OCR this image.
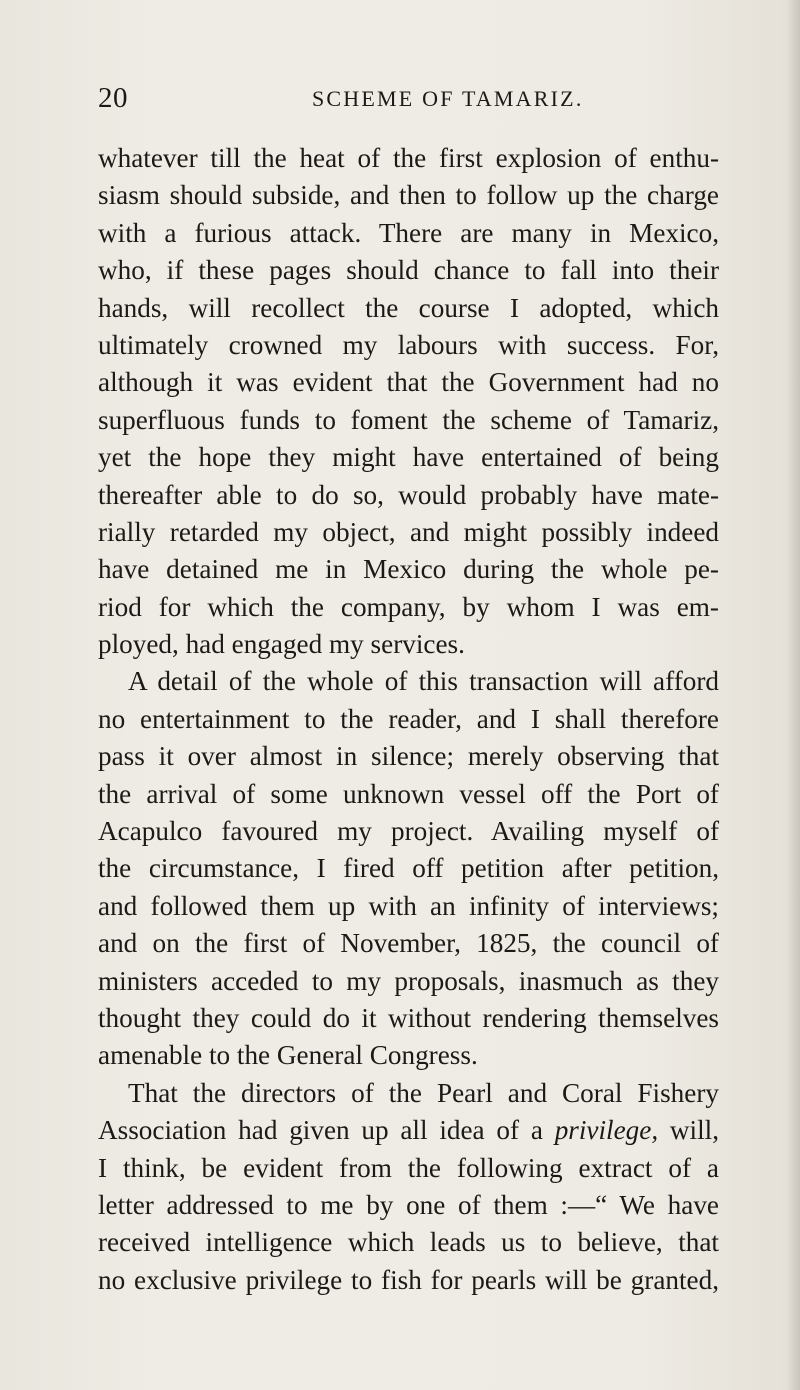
20	SCHEME OF TAMARIZ.
whatever till the heat of the first explosion of enthu-
siasm should subside, and then to follow up the charge
with a furious attack. There are many in Mexico,
who, if these pages should chance to fall into their
hands, will recollect the course I adopted, which
ultimately crowned my labours with success. For,
although it was evident that the Government had no
superfluous funds to foment the scheme of Tamariz,
yet the hope they might have entertained of being
thereafter able to do so, would probably have mate-
rially retarded my object, and might possibly indeed
have detained me in Mexico during the whole pe-
riod for which the company, by whom I was em-
ployed, had engaged my services.
A detail of the whole of this transaction will afford
no entertainment to the reader, and I shall therefore
pass it over almost in silence; merely observing that
the arrival of some unknown vessel off the Port of
Acapulco favoured my project. Availing myself of
the circumstance, I fired off petition after petition,
and followed them up with an infinity of interviews;
and on the first of November, 1825, the council of
ministers acceded to my proposals, inasmuch as they
thought they could do it without rendering themselves
amenable to the General Congress.
That the directors of the Pearl and Coral Fishery
Association had given up all idea of a privilege, will,
I think, be evident from the following extract of a
letter addressed to me by one of them :—“ We have
received intelligence which leads us to believe, that
no exclusive privilege to fish for pearls will be granted,
